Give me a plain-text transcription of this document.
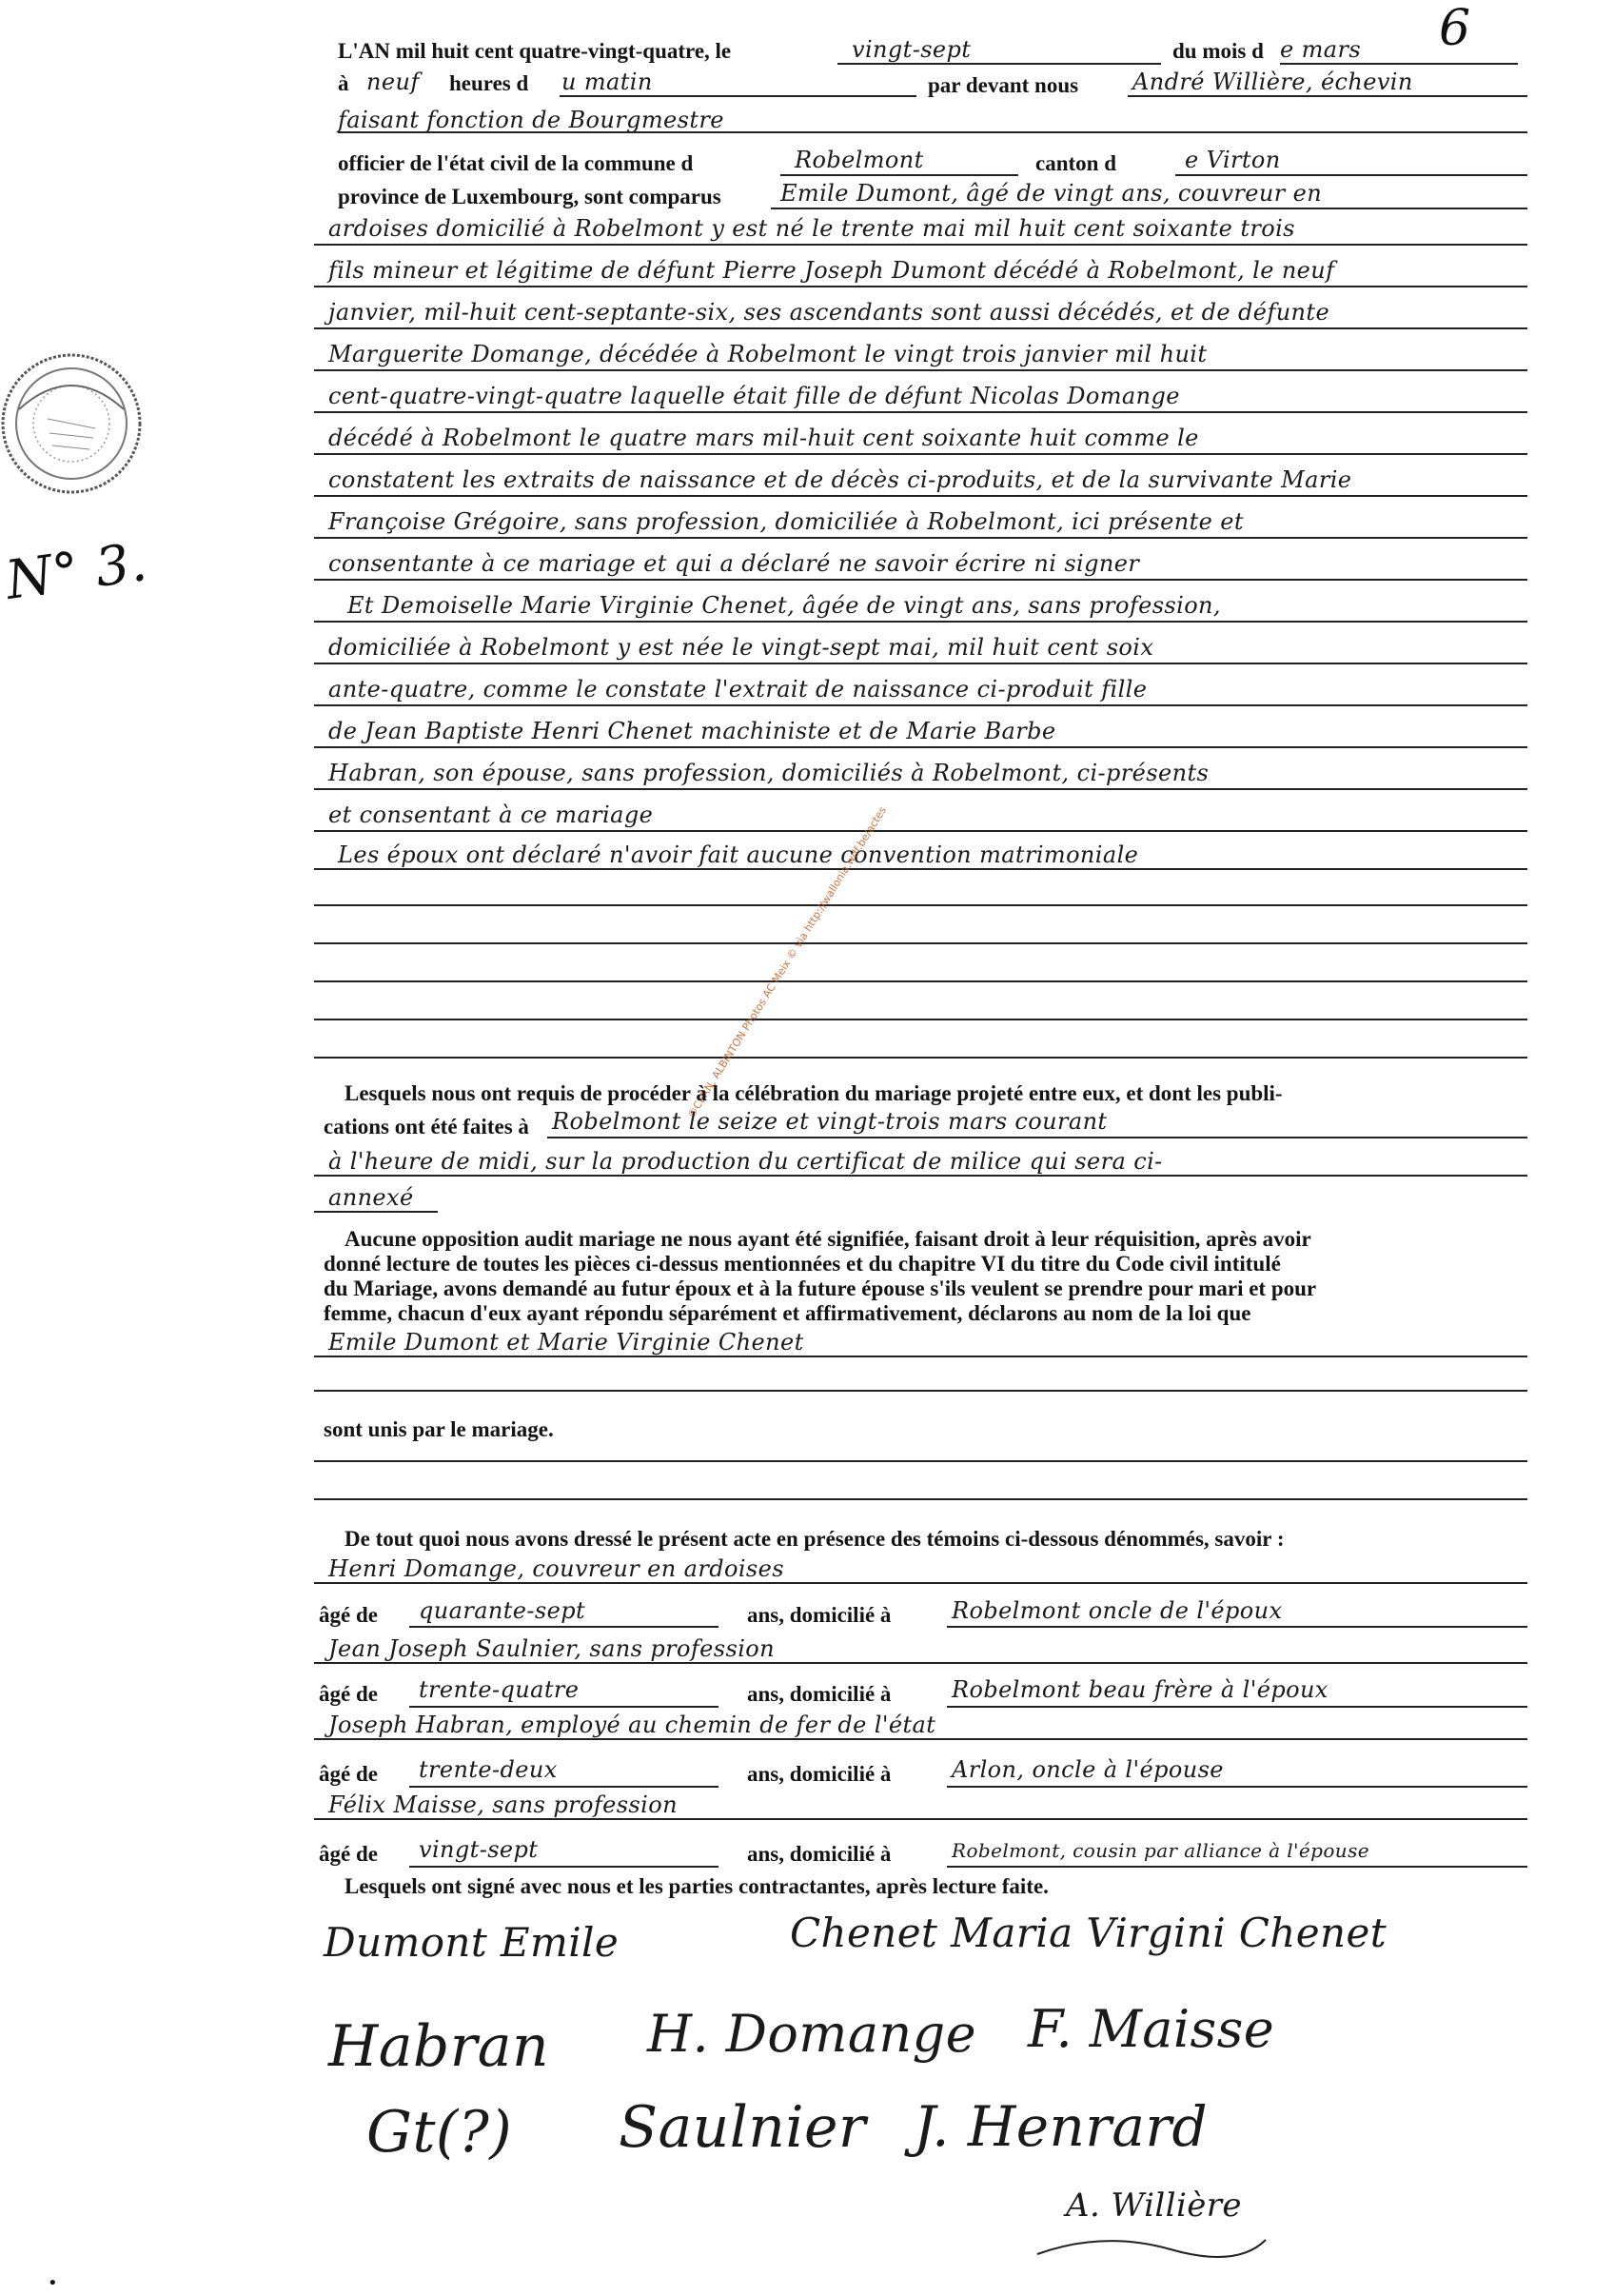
6
N° 3.
L'AN mil huit cent quatre-vingt-quatre, le	vingt-sept	du mois d e mars
à neuf heures d u matin	par devant nous André Willière, échevin
faisant fonction de Bourgmestre
officier de l'état civil de la commune d	Robelmont	canton d	e Virton
province de Luxembourg, sont comparus	Emile Dumont, âgé de vingt ans, couvreur en
ardoises domicilié à Robelmont y est né le trente mai mil huit cent soixante trois
fils mineur et légitime de défunt Pierre Joseph Dumont décédé à Robelmont, le neuf
janvier, mil-huit cent-septante-six, ses ascendants sont aussi décédés, et de défunte
Marguerite Domange, décédée à Robelmont le vingt trois janvier mil huit
cent-quatre-vingt-quatre laquelle était fille de défunt Nicolas Domange
décédé à Robelmont le quatre mars mil-huit cent soixante huit comme le
constatent les extraits de naissance et de décès ci-produits, et de la survivante Marie
Françoise Grégoire, sans profession, domiciliée à Robelmont, ici présente et
consentante à ce mariage et qui a déclaré ne savoir écrire ni signer
Et Demoiselle Marie Virginie Chenet, âgée de vingt ans, sans profession,
domiciliée à Robelmont y est née le vingt-sept mai, mil huit cent soix
ante-quatre, comme le constate l'extrait de naissance ci-produit fille
de Jean Baptiste Henri Chenet machiniste et de Marie Barbe
Habran, son épouse, sans profession, domiciliés à Robelmont, ci-présents
et consentant à ce mariage
Les époux ont déclaré n'avoir fait aucune convention matrimoniale
©CERN, ALBINTON Photos AC Meix © via http://wallonia.wdf.be/actes
Lesquels nous ont requis de procéder à la célébration du mariage projeté entre eux, et dont les publi-
cations ont été faites à Robelmont le seize et vingt-trois mars courant
à l'heure de midi, sur la production du certificat de milice qui sera ci-
annexé
Aucune opposition audit mariage ne nous ayant été signifiée, faisant droit à leur réquisition, après avoir
donné lecture de toutes les pièces ci-dessus mentionnées et du chapitre VI du titre du Code civil intitulé
du Mariage, avons demandé au futur époux et à la future épouse s'ils veulent se prendre pour mari et pour
femme, chacun d'eux ayant répondu séparément et affirmativement, déclarons au nom de la loi que
Emile Dumont et Marie Virginie Chenet
sont unis par le mariage.
De tout quoi nous avons dressé le présent acte en présence des témoins ci-dessous dénommés, savoir :
Henri Domange, couvreur en ardoises
âgé de quarante-sept	ans, domicilié à	Robelmont oncle de l'époux
Jean Joseph Saulnier, sans profession
âgé de trente-quatre	ans, domicilié à	Robelmont beau frère à l'époux
Joseph Habran, employé au chemin de fer de l'état
âgé de trente-deux	ans, domicilié à	Arlon, oncle à l'épouse
Félix Maisse, sans profession
âgé de vingt-sept	ans, domicilié à	Robelmont, cousin par alliance à l'épouse
Lesquels ont signé avec nous et les parties contractantes, après lecture faite.
Dumont Emile	Chenet Maria Virgini Chenet
Habran H. Domange F. Maisse
Gt(?) Saulnier J. Henrard
A. Willière
•
